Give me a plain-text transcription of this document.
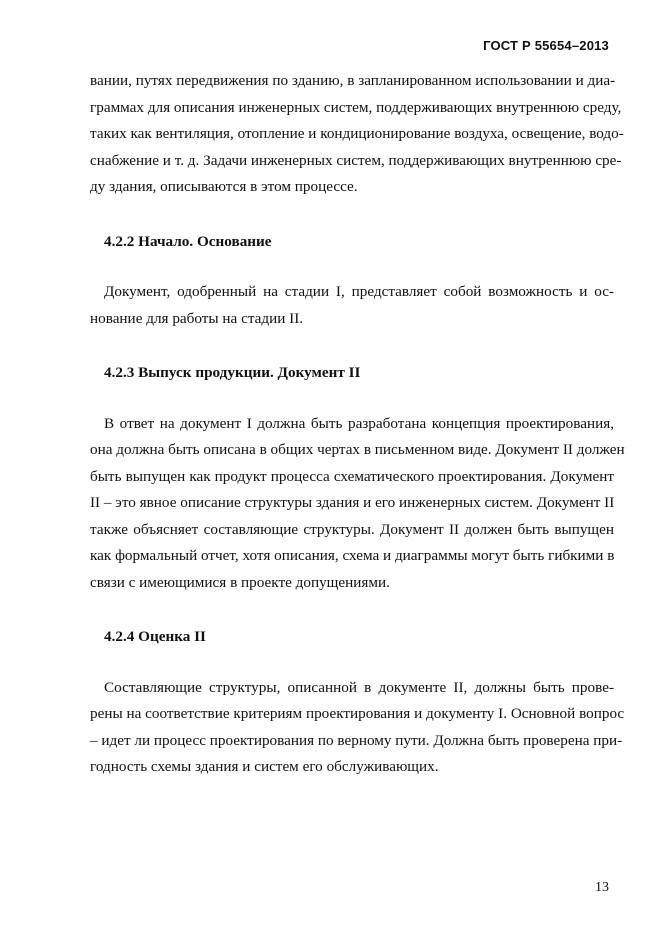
ГОСТ Р 55654–2013
вании, путях передвижения по зданию, в запланированном использовании и диа-
граммах для описания инженерных систем, поддерживающих внутреннюю среду,
таких как вентиляция, отопление и кондиционирование воздуха, освещение, водо-
снабжение и т. д. Задачи инженерных систем, поддерживающих внутреннюю сре-
ду здания, описываются в этом процессе.
4.2.2 Начало. Основание
Документ, одобренный на стадии I, представляет собой возможность и ос-
нование для работы на стадии II.
4.2.3 Выпуск продукции. Документ II
В ответ на документ I должна быть разработана концепция проектирования,
она должна быть описана в общих чертах в письменном виде. Документ II должен
быть выпущен как продукт процесса схематического проектирования. Документ
II – это явное описание структуры здания и его инженерных систем. Документ II
также объясняет составляющие структуры. Документ II должен быть выпущен
как формальный отчет, хотя описания, схема и диаграммы могут быть гибкими в
связи с имеющимися в проекте допущениями.
4.2.4 Оценка II
Составляющие структуры, описанной в документе II, должны быть прове-
рены на соответствие критериям проектирования и документу I. Основной вопрос
– идет ли процесс проектирования по верному пути. Должна быть проверена при-
годность схемы здания и систем его обслуживающих.
13
